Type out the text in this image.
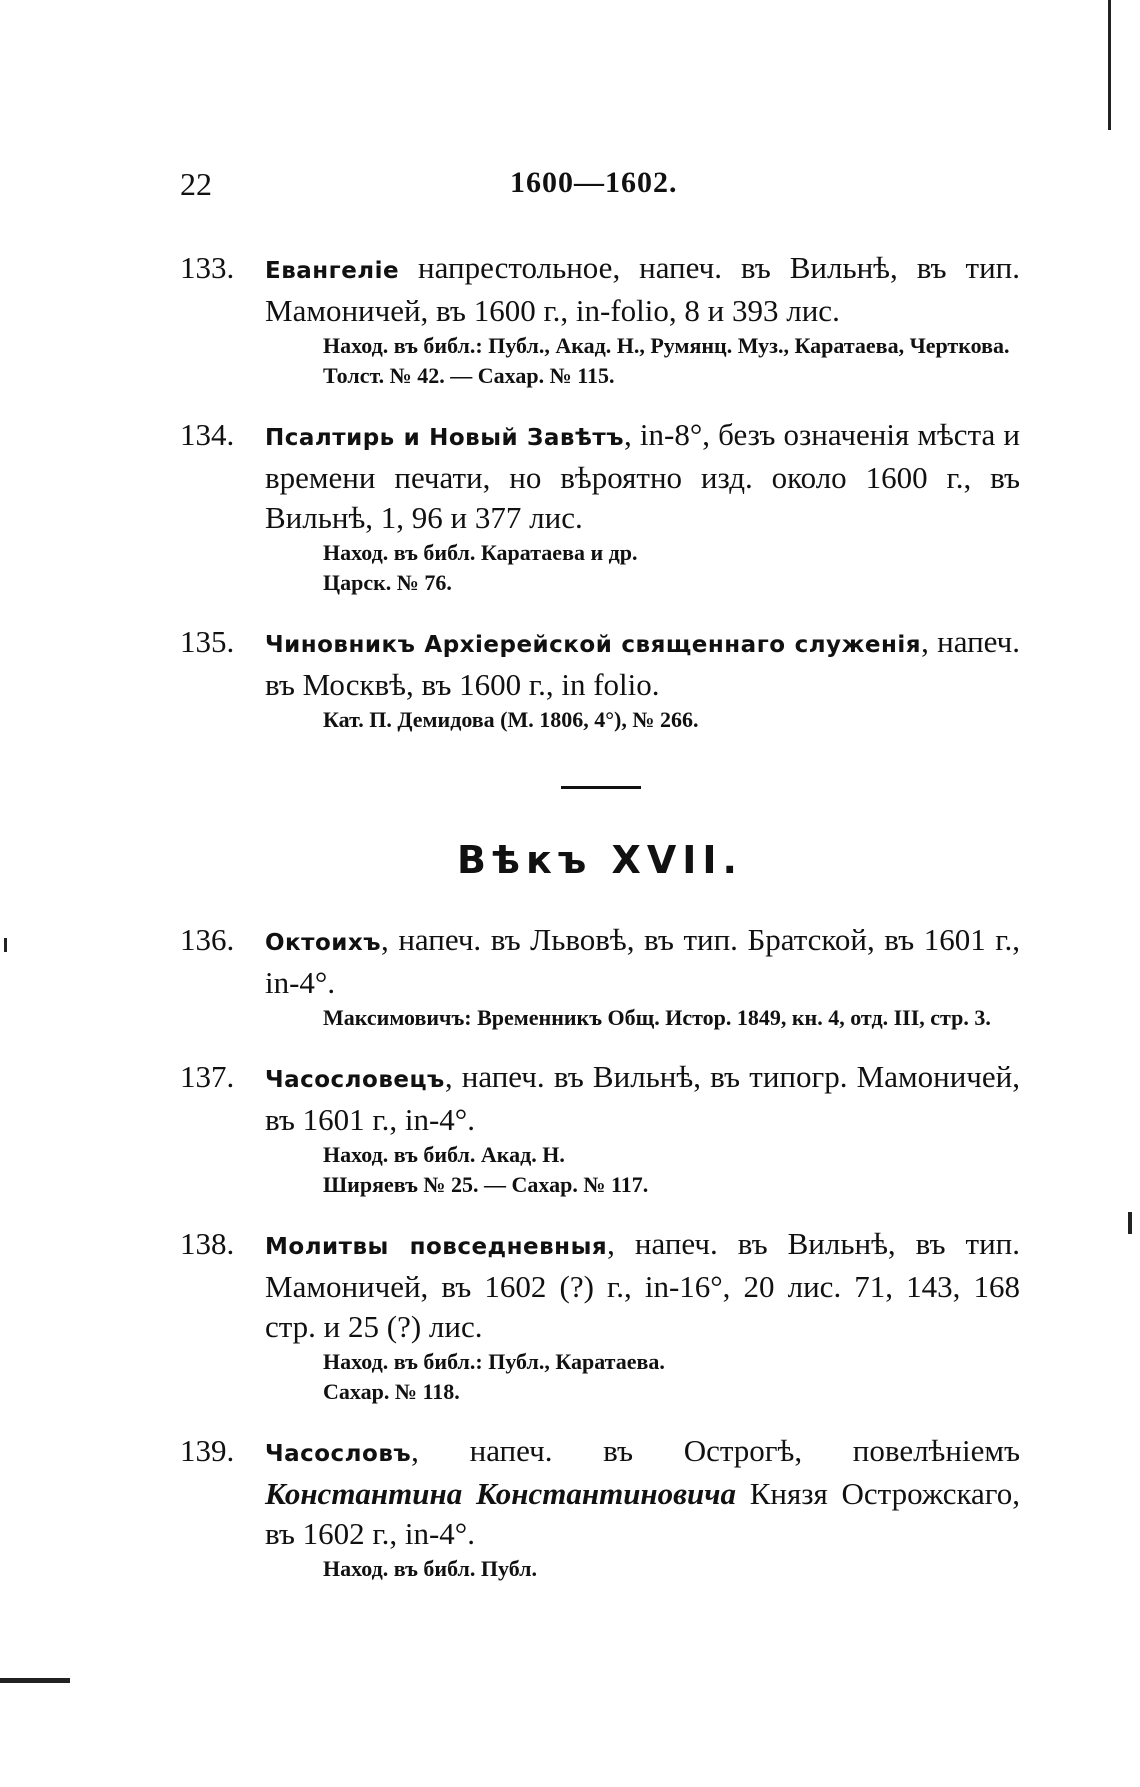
22	1600—1602.
133. Евангеліе напрестольное, напеч. въ Вильнѣ, въ тип. Мамоничей, въ 1600 г., in-folio, 8 и 393 лис.
Наход. въ библ.: Публ., Акад. Н., Румянц. Муз., Каратаева, Черткова.
Толст. № 42. — Сахар. № 115.
134. Псалтирь и Новый Завѣтъ, in-8°, безъ означенія мѣста и времени печати, но вѣроятно изд. около 1600 г., въ Вильнѣ, 1, 96 и 377 лис.
Наход. въ библ. Каратаева и др.
Царск. № 76.
135. Чиновникъ Архіерейской священнаго служенія, напеч. въ Москвѣ, въ 1600 г., in folio.
Кат. П. Демидова (М. 1806, 4°), № 266.
Вѣкъ XVII.
136. Октоихъ, напеч. въ Львовѣ, въ тип. Братской, въ 1601 г., in-4°.
Максимовичъ: Временникъ Общ. Истор. 1849, кн. 4, отд. III, стр. 3.
137. Часословецъ, напеч. въ Вильнѣ, въ типогр. Мамоничей, въ 1601 г., in-4°.
Наход. въ библ. Акад. Н.
Ширяевъ № 25. — Сахар. № 117.
138. Молитвы повседневныя, напеч. въ Вильнѣ, въ тип. Мамоничей, въ 1602 (?) г., in-16°, 20 лис. 71, 143, 168 стр. и 25 (?) лис.
Наход. въ библ.: Публ., Каратаева.
Сахар. № 118.
139. Часословъ, напеч. въ Острогѣ, повелѣніемъ Константина Константиновича Князя Острожскаго, въ 1602 г., in-4°.
Наход. въ библ. Публ.
